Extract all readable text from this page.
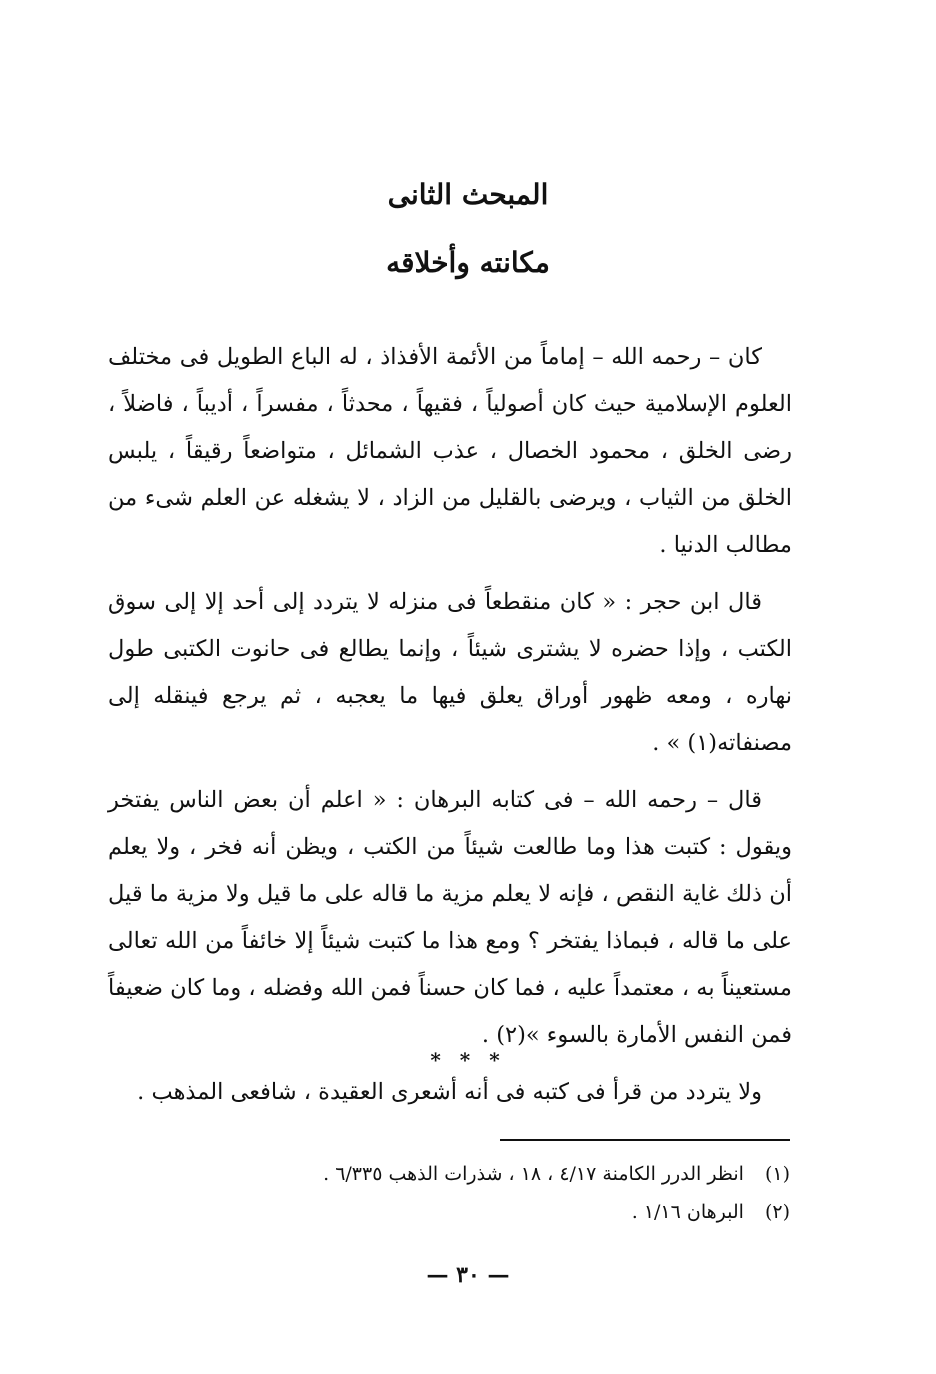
المبحث الثانى
مكانته وأخلاقه

كان – رحمه الله – إماماً من الأئمة الأفذاذ ، له الباع الطويل فى مختلف العلوم الإسلامية حيث كان أصولياً ، فقيهاً ، محدثاً ، مفسراً ، أديباً ، فاضلاً ، رضى الخلق ، محمود الخصال ، عذب الشمائل ، متواضعاً رقيقاً ، يلبس الخلق من الثياب ، ويرضى بالقليل من الزاد ، لا يشغله عن العلم شىء من مطالب الدنيا .

قال ابن حجر : « كان منقطعاً فى منزله لا يتردد إلى أحد إلا إلى سوق الكتب ، وإذا حضره لا يشترى شيئاً ، وإنما يطالع فى حانوت الكتبى طول نهاره ، ومعه ظهور أوراق يعلق فيها ما يعجبه ، ثم يرجع فينقله إلى مصنفاته(١) » .

قال – رحمه الله – فى كتابه البرهان : « اعلم أن بعض الناس يفتخر ويقول : كتبت هذا وما طالعت شيئاً من الكتب ، ويظن أنه فخر ، ولا يعلم أن ذلك غاية النقص ، فإنه لا يعلم مزية ما قاله على ما قيل ولا مزية ما قيل على ما قاله ، فبماذا يفتخر ؟ ومع هذا ما كتبت شيئاً إلا خائفاً من الله تعالى مستعيناً به ، معتمداً عليه ، فما كان حسناً فمن الله وفضله ، وما كان ضعيفاً فمن النفس الأمارة بالسوء »(٢) .

ولا يتردد من قرأ فى كتبه فى أنه أشعرى العقيدة ، شافعى المذهب .

* * *
(١) انظر الدرر الكامنة ٤/١٧ ، ١٨ ، شذرات الذهب ٦/٣٣٥ .
(٢) البرهان ١/١٦ .
— ٣٠ —
